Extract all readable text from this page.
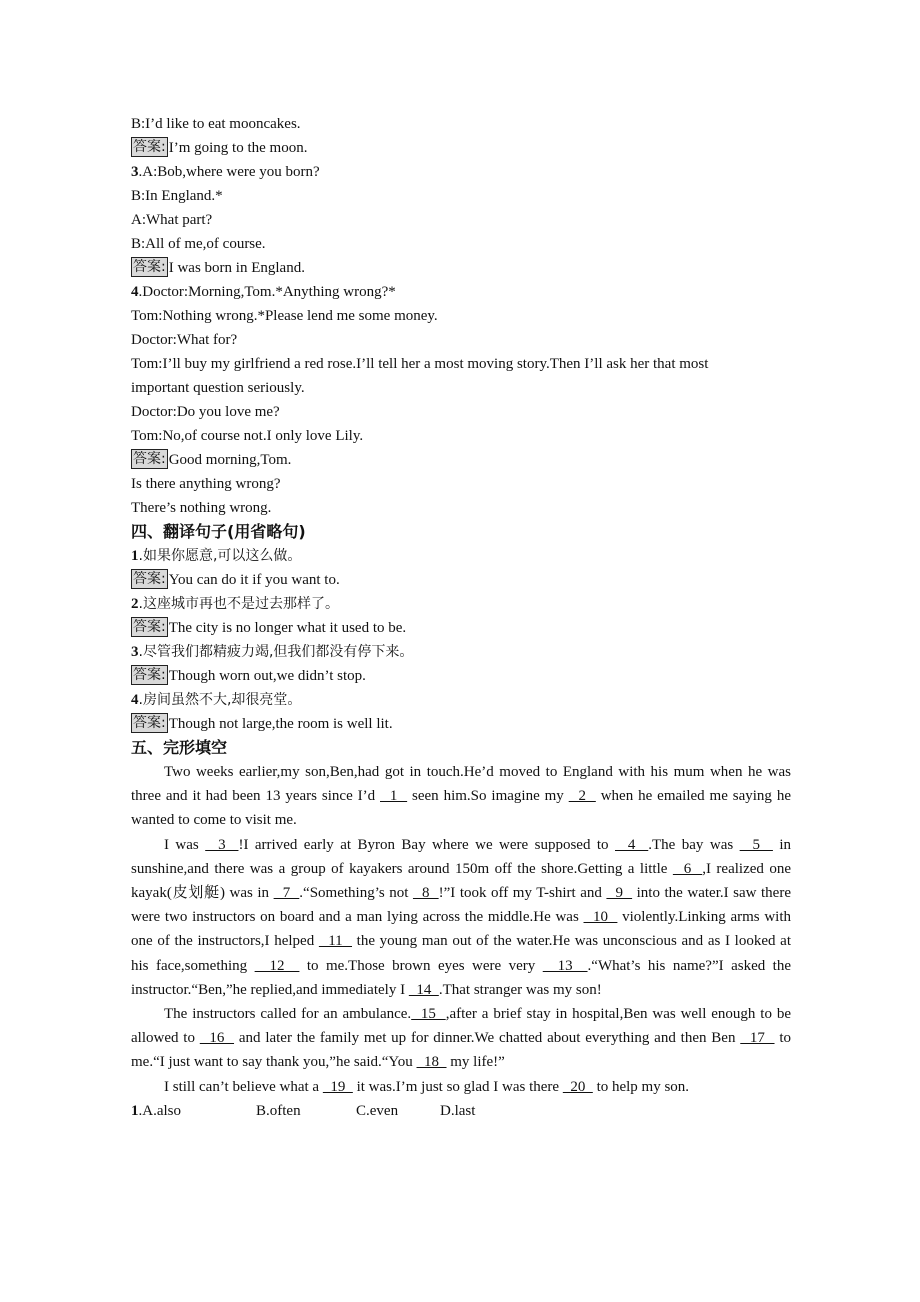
B:I’d like to eat mooncakes.
答案: I’m going to the moon.
3.A:Bob,where were you born?
B:In England.*
A:What part?
B:All of me,of course.
答案: I was born in England.
4.Doctor:Morning,Tom.*Anything wrong?*
Tom:Nothing wrong.*Please lend me some money.
Doctor:What for?
Tom:I’ll buy my girlfriend a red rose.I’ll tell her a most moving story.Then I’ll ask her that most
important question seriously.
Doctor:Do you love me?
Tom:No,of course not.I only love Lily.
答案: Good morning,Tom.
Is there anything wrong?
There’s nothing wrong.
四、翻译句子(用省略句)
1.如果你愿意,可以这么做。
答案: You can do it if you want to.
2.这座城市再也不是过去那样了。
答案: The city is no longer what it used to be.
3.尽管我们都精疲力竭,但我们都没有停下来。
答案: Though worn out,we didn’t stop.
4.房间虽然不大,却很亮堂。
答案: Though not large,the room is well lit.
五、完形填空

Two weeks earlier,my son,Ben,had got in touch.He’d moved to England with his mum when he was three and it had been 13 years since I’d   1   seen him.So imagine my   2   when he emailed me saying he wanted to come to visit me.

I was   3  !I arrived early at Byron Bay where we were supposed to   4  .The bay was   5   in sunshine,and there was a group of kayakers around 150m off the shore.Getting a little   6  ,I realized one kayak(皮划艇) was in   7  .“Something’s not   8  !”I took off my T-shirt and   9   into the water.I saw there were two instructors on board and a man lying across the middle.He was   10   violently.Linking arms with one of the instructors,I helped   11   the young man out of the water.He was unconscious and as I looked at his face,something   12   to me.Those brown eyes were very   13  .“What’s his name?”I asked the instructor.“Ben,”he replied,and immediately I   14  .That stranger was my son!

The instructors called for an ambulance.  15  ,after a brief stay in hospital,Ben was well enough to be allowed to   16   and later the family met up for dinner.We chatted about everything and then Ben   17   to me.“I just want to say thank you,”he said.“You   18   my life!”

I still can’t believe what a   19   it was.I’m just so glad I was there   20   to help my son.

1.A.also	B.often	C.even	D.last
